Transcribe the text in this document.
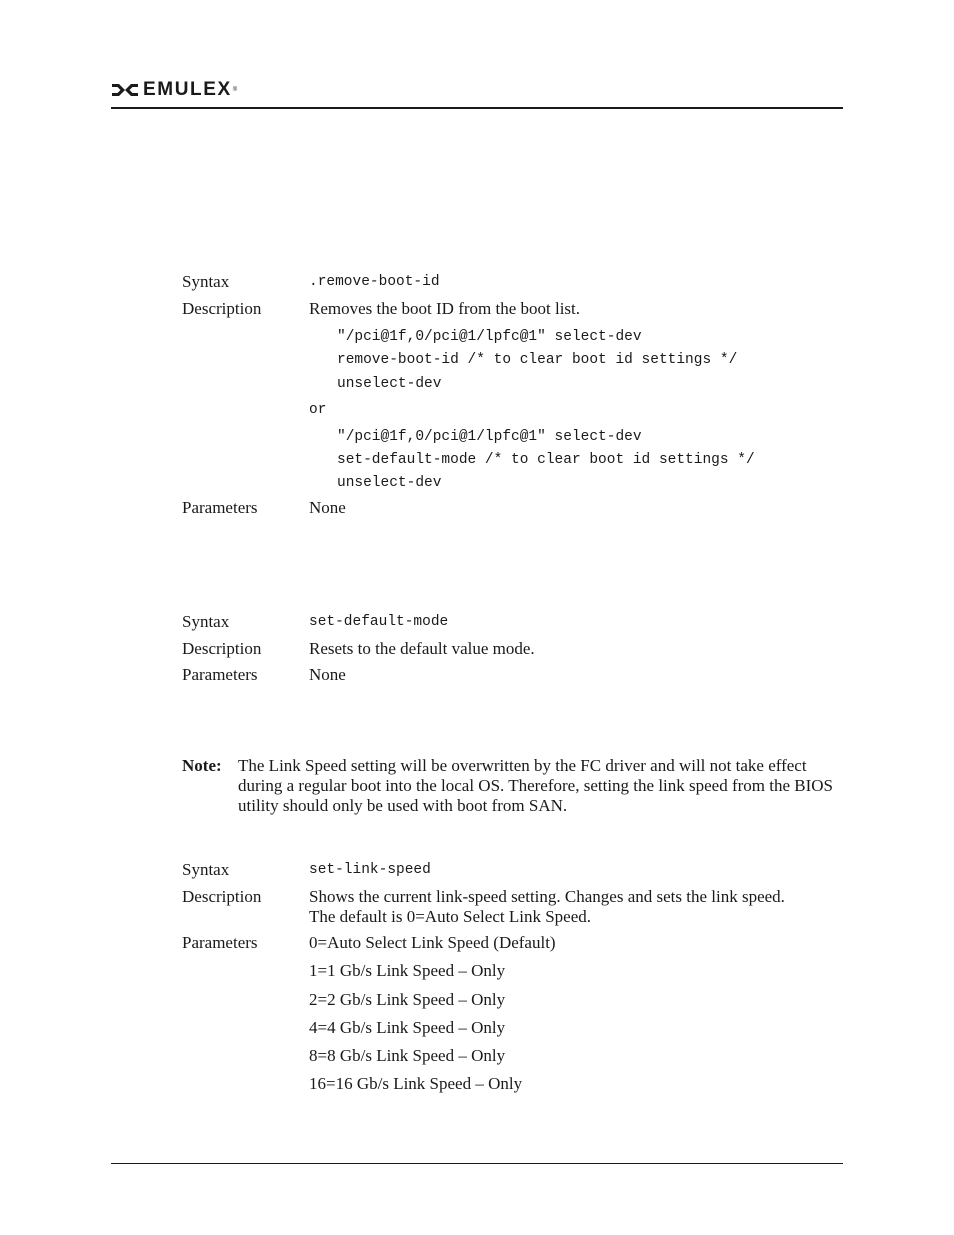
EMULEX ®
Syntax	.remove-boot-id
Description	Removes the boot ID from the boot list.
"/pci@1f,0/pci@1/lpfc@1" select-dev
remove-boot-id /* to clear boot id settings */
unselect-dev
or
"/pci@1f,0/pci@1/lpfc@1" select-dev
set-default-mode /* to clear boot id settings */
unselect-dev
Parameters	None
Syntax	set-default-mode
Description	Resets to the default value mode.
Parameters	None
Note: The Link Speed setting will be overwritten by the FC driver and will not take effect during a regular boot into the local OS. Therefore, setting the link speed from the BIOS utility should only be used with boot from SAN.
Syntax	set-link-speed
Description	Shows the current link-speed setting. Changes and sets the link speed.
The default is 0=Auto Select Link Speed.
Parameters	0=Auto Select Link Speed (Default)
1=1 Gb/s Link Speed – Only
2=2 Gb/s Link Speed – Only
4=4 Gb/s Link Speed – Only
8=8 Gb/s Link Speed – Only
16=16 Gb/s Link Speed – Only
